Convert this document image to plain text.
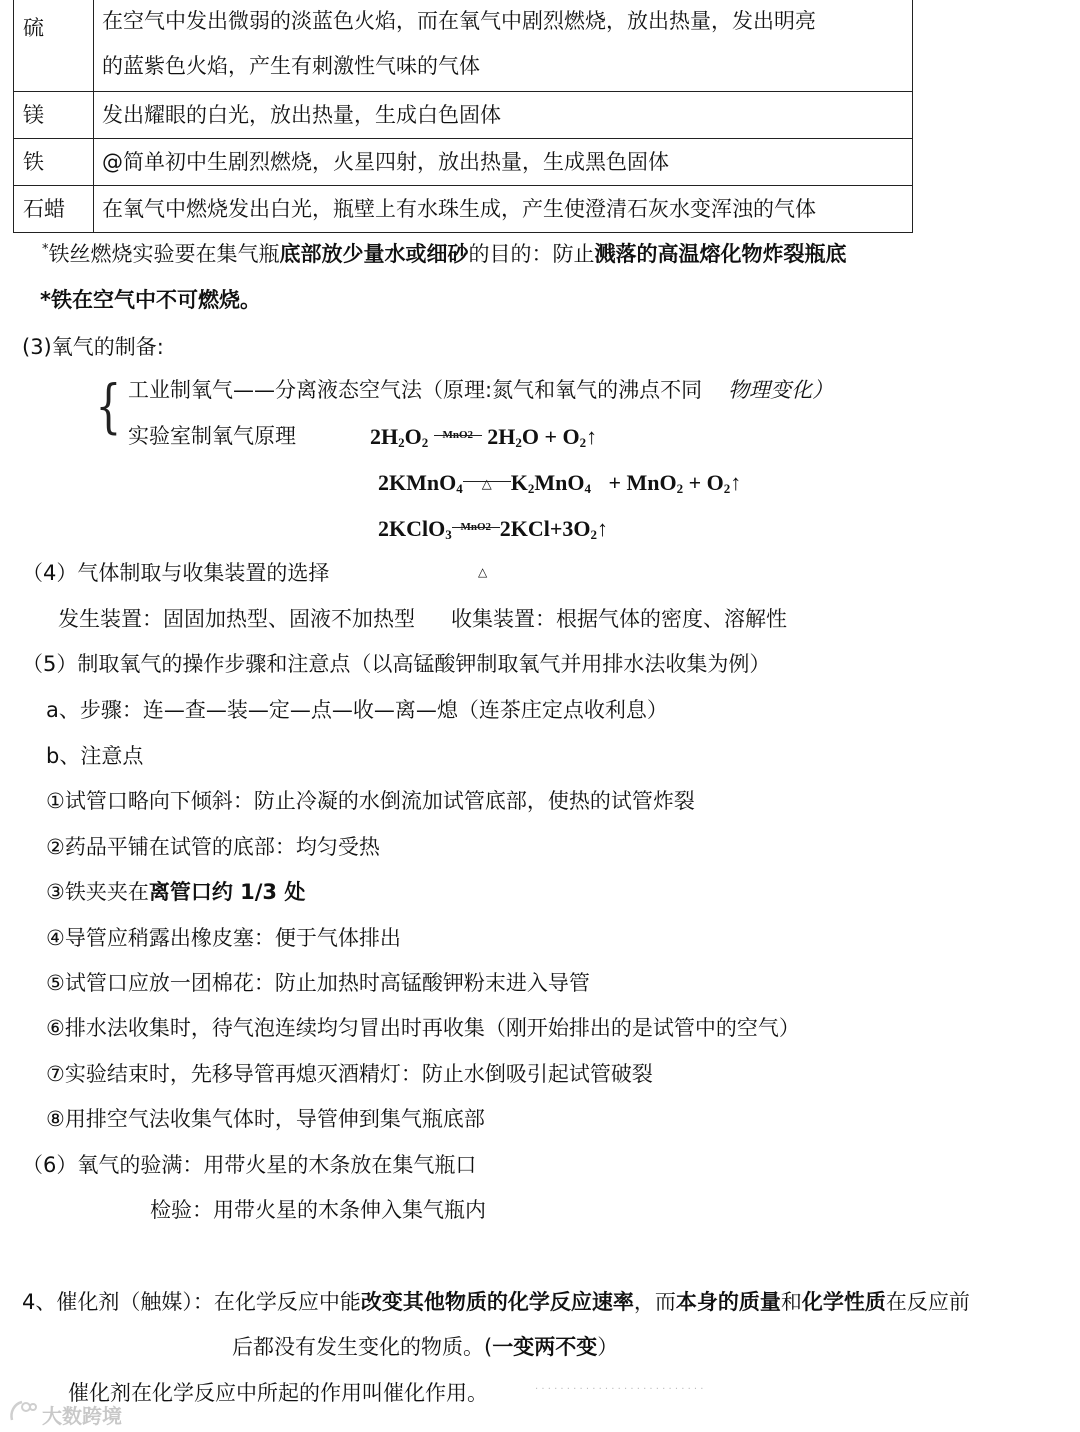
硫	在空气中发出微弱的淡蓝色火焰，而在氧气中剧烈燃烧，放出热量，发出明亮
的蓝紫色火焰，产生有刺激性气味的气体

镁	发出耀眼的白光，放出热量，生成白色固体
铁	@简单初中生剧烈燃烧，火星四射，放出热量，生成黑色固体
石蜡	在氧气中燃烧发出白光，瓶壁上有水珠生成，产生使澄清石灰水变浑浊的气体
*铁丝燃烧实验要在集气瓶底部放少量水或细砂的目的：防止溅落的高温熔化物炸裂瓶底
*铁在空气中不可燃烧。
(3)氧气的制备:
{ 工业制氧气——分离液态空气法（原理:氮气和氧气的沸点不同 物理变化）
实验室制氧气原理	$2H_2O_2$	MnO2 $2H_2O$ + $O_2↑$
2KMnO$_4$	△ $K_2MnO_4 + MnO_2$ + $O_2↑$
2KClO$_3$ MnO2 $2KCl+3O_2↑$
（4）气体制取与收集装置的选择	△
发生装置：固固加热型、固液不加热型 收集装置：根据气体的密度、溶解性
（5）制取氧气的操作步骤和注意点（以高锰酸钾制取氧气并用排水法收集为例）
a、步骤：连—查—装—定—点—收—离—熄（连茶庄定点收利息）
b、注意点
①试管口略向下倾斜：防止冷凝的水倒流加试管底部，使热的试管炸裂
②药品平铺在试管的底部：均匀受热
③铁夹夹在离管口约 1/3 处
④导管应稍露出橡皮塞：便于气体排出
⑤试管口应放一团棉花：防止加热时高锰酸钾粉末进入导管
⑥排水法收集时，待气泡连续均匀冒出时再收集（刚开始排出的是试管中的空气）
⑦实验结束时，先移导管再熄灭酒精灯：防止水倒吸引起试管破裂
⑧用排空气法收集气体时，导管伸到集气瓶底部
（6）氧气的验满：用带火星的木条放在集气瓶口
检验：用带火星的木条伸入集气瓶内
4、催化剂（触媒）：在化学反应中能改变其他物质的化学反应速率，而本身的质量和化学性质在反应前
后都没有发生变化的物质。(一变两不变）
催化剂在化学反应中所起的作用叫催化作用。	· · · · · · · · · · · · · · · · · · · · · · · · · · ·
大数跨境
